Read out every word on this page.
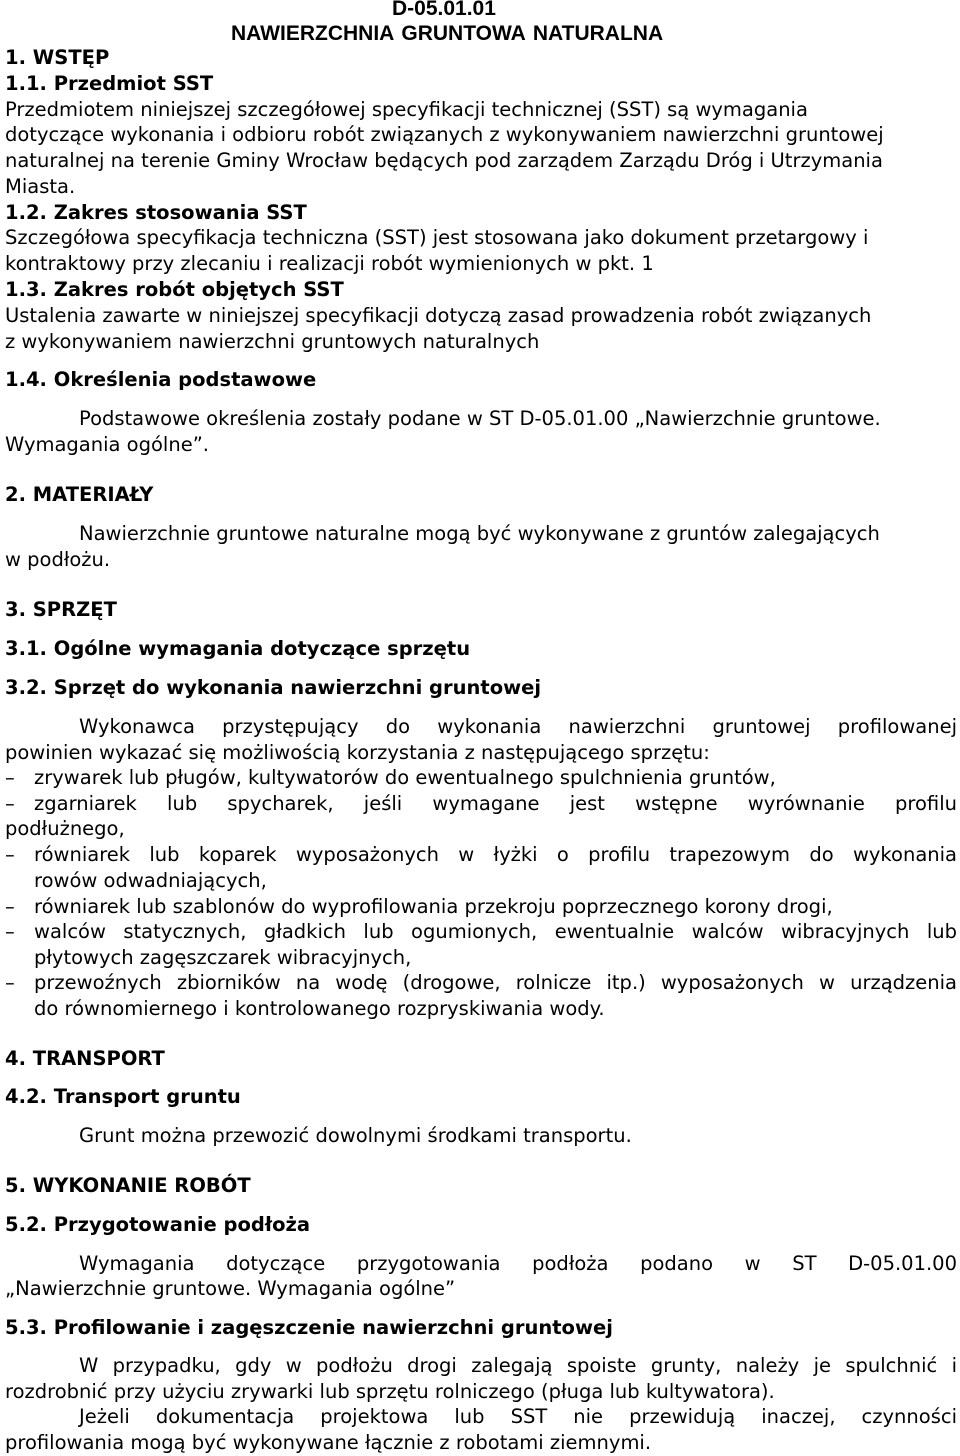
D-05.01.01
NAWIERZCHNIA GRUNTOWA NATURALNA
1. WSTĘP
1.1. Przedmiot SST
Przedmiotem niniejszej szczegółowej specyfikacji technicznej (SST) są wymagania
dotyczące wykonania i odbioru robót związanych z wykonywaniem nawierzchni gruntowej
naturalnej na terenie Gminy Wrocław będących pod zarządem Zarządu Dróg i Utrzymania
Miasta.
1.2. Zakres stosowania SST
Szczegółowa specyfikacja techniczna (SST) jest stosowana jako dokument przetargowy i
kontraktowy przy zlecaniu i realizacji robót wymienionych w pkt. 1
1.3. Zakres robót objętych SST
Ustalenia zawarte w niniejszej specyfikacji dotyczą zasad prowadzenia robót związanych
z wykonywaniem nawierzchni gruntowych naturalnych
1.4. Określenia podstawowe
Podstawowe określenia zostały podane w ST D-05.01.00 „Nawierzchnie gruntowe.
Wymagania ogólne”.
2. MATERIAŁY
Nawierzchnie gruntowe naturalne mogą być wykonywane z gruntów zalegających
w podłożu.
3. SPRZĘT
3.1. Ogólne wymagania dotyczące sprzętu
3.2. Sprzęt do wykonania nawierzchni gruntowej
Wykonawca przystępujący do wykonania nawierzchni gruntowej profilowanej
powinien wykazać się możliwością korzystania z następującego sprzętu:
– zrywarek lub pługów, kultywatorów do ewentualnego spulchnienia gruntów,
– zgarniarek lub spycharek, jeśli wymagane jest wstępne wyrównanie profilu
podłużnego,
– równiarek lub koparek wyposażonych w łyżki o profilu trapezowym do wykonania
rowów odwadniających,
– równiarek lub szablonów do wyprofilowania przekroju poprzecznego korony drogi,
– walców statycznych, gładkich lub ogumionych, ewentualnie walców wibracyjnych lub
płytowych zagęszczarek wibracyjnych,
– przewoźnych zbiorników na wodę (drogowe, rolnicze itp.) wyposażonych w urządzenia
do równomiernego i kontrolowanego rozpryskiwania wody.
4. TRANSPORT
4.2. Transport gruntu
Grunt można przewozić dowolnymi środkami transportu.
5. WYKONANIE ROBÓT
5.2. Przygotowanie podłoża
Wymagania dotyczące przygotowania podłoża podano w ST D-05.01.00
„Nawierzchnie gruntowe. Wymagania ogólne”
5.3. Profilowanie i zagęszczenie nawierzchni gruntowej
W przypadku, gdy w podłożu drogi zalegają spoiste grunty, należy je spulchnić i
rozdrobnić przy użyciu zrywarki lub sprzętu rolniczego (pługa lub kultywatora).
Jeżeli dokumentacja projektowa lub SST nie przewidują inaczej, czynności
profilowania mogą być wykonywane łącznie z robotami ziemnymi.
